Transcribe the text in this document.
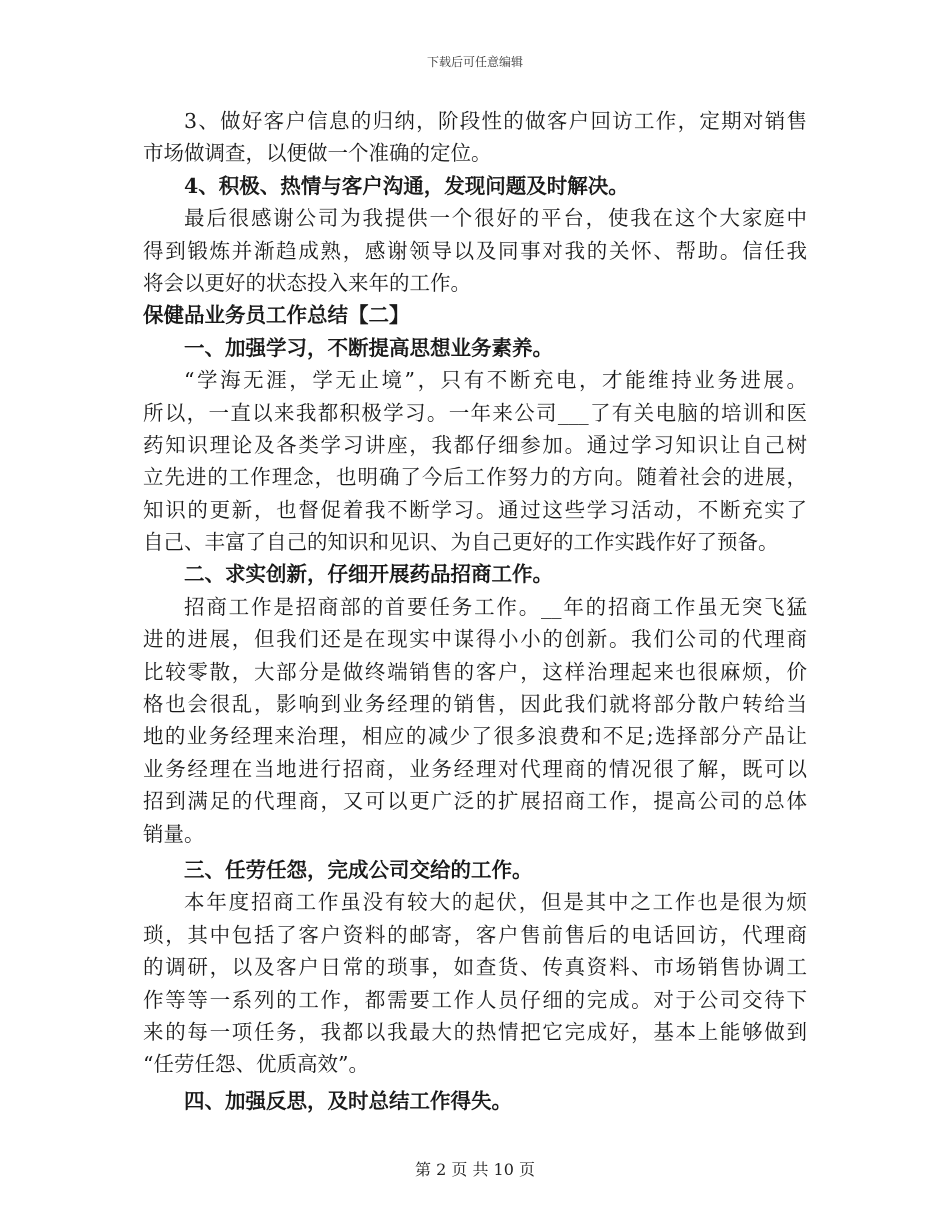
下载后可任意编辑
3、做好客户信息的归纳，阶段性的做客户回访工作，定期对销售
市场做调查，以便做一个准确的定位。
4、积极、热情与客户沟通，发现问题及时解决。
最后很感谢公司为我提供一个很好的平台，使我在这个大家庭中
得到锻炼并渐趋成熟，感谢领导以及同事对我的关怀、帮助。信任我
将会以更好的状态投入来年的工作。
保健品业务员工作总结【二】
一、加强学习，不断提高思想业务素养。
“学海无涯，学无止境”，只有不断充电，才能维持业务进展。
所以，一直以来我都积极学习。一年来公司___了有关电脑的培训和医
药知识理论及各类学习讲座，我都仔细参加。通过学习知识让自己树
立先进的工作理念，也明确了今后工作努力的方向。随着社会的进展，
知识的更新，也督促着我不断学习。通过这些学习活动，不断充实了
自己、丰富了自己的知识和见识、为自己更好的工作实践作好了预备。
二、求实创新，仔细开展药品招商工作。
招商工作是招商部的首要任务工作。__年的招商工作虽无突飞猛
进的进展，但我们还是在现实中谋得小小的创新。我们公司的代理商
比较零散，大部分是做终端销售的客户，这样治理起来也很麻烦，价
格也会很乱，影响到业务经理的销售，因此我们就将部分散户转给当
地的业务经理来治理，相应的减少了很多浪费和不足;选择部分产品让
业务经理在当地进行招商，业务经理对代理商的情况很了解，既可以
招到满足的代理商，又可以更广泛的扩展招商工作，提高公司的总体
销量。
三、任劳任怨，完成公司交给的工作。
本年度招商工作虽没有较大的起伏，但是其中之工作也是很为烦
琐，其中包括了客户资料的邮寄，客户售前售后的电话回访，代理商
的调研，以及客户日常的琐事，如查货、传真资料、市场销售协调工
作等等一系列的工作，都需要工作人员仔细的完成。对于公司交待下
来的每一项任务，我都以我最大的热情把它完成好，基本上能够做到
“任劳任怨、优质高效”。
四、加强反思，及时总结工作得失。
第 2 页 共 10 页
